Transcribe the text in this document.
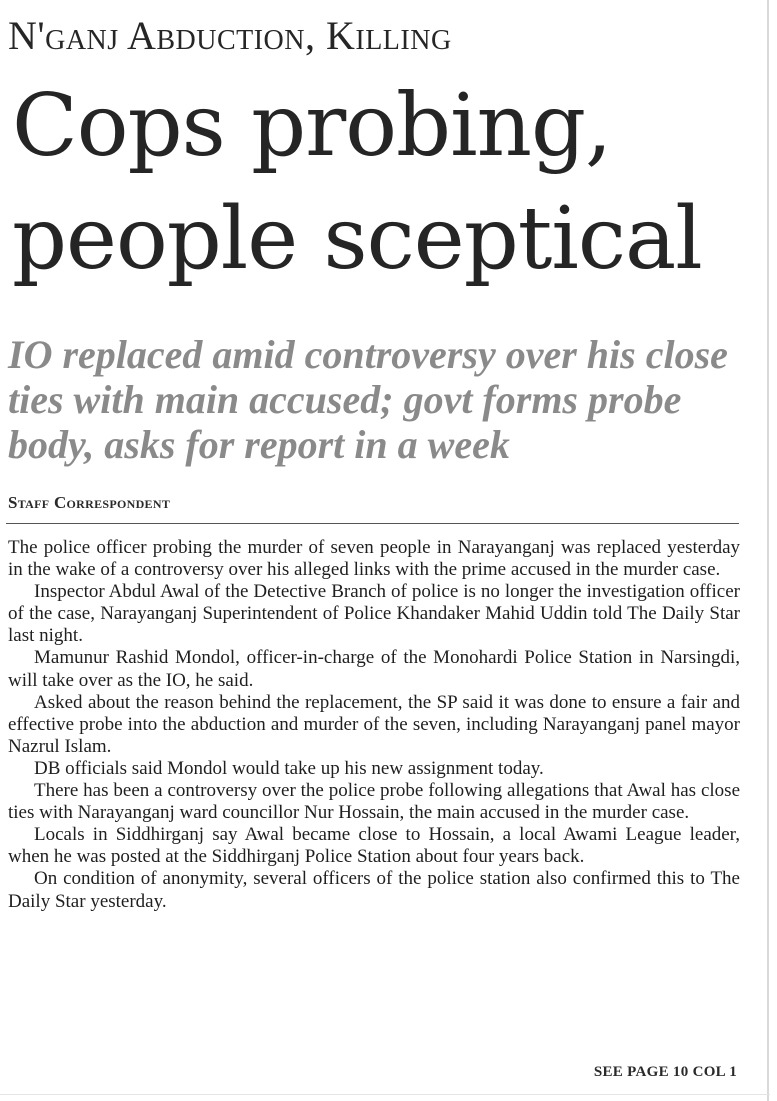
N'ganj Abduction, Killing
Cops probing,
people sceptical
IO replaced amid controversy over his close
ties with main accused; govt forms probe
body, asks for report in a week
Staff Correspondent

The police officer probing the murder of seven people in Narayanganj was replaced yesterday in the wake of a controversy over his alleged links with the prime accused in the murder case.

Inspector Abdul Awal of the Detective Branch of police is no longer the investigation officer of the case, Narayanganj Superintendent of Police Khandaker Mahid Uddin told The Daily Star last night.

Mamunur Rashid Mondol, officer-in-charge of the Monohardi Police Station in Narsingdi, will take over as the IO, he said.

Asked about the reason behind the replacement, the SP said it was done to ensure a fair and effective probe into the abduction and murder of the seven, including Narayanganj panel mayor Nazrul Islam.

DB officials said Mondol would take up his new assignment today.

There has been a controversy over the police probe following allegations that Awal has close ties with Narayanganj ward councillor Nur Hossain, the main accused in the murder case.

Locals in Siddhirganj say Awal became close to Hossain, a local Awami League leader, when he was posted at the Siddhirganj Police Station about four years back.

On condition of anonymity, several officers of the police station also confirmed this to The Daily Star yesterday.

SEE PAGE 10 COL 1
